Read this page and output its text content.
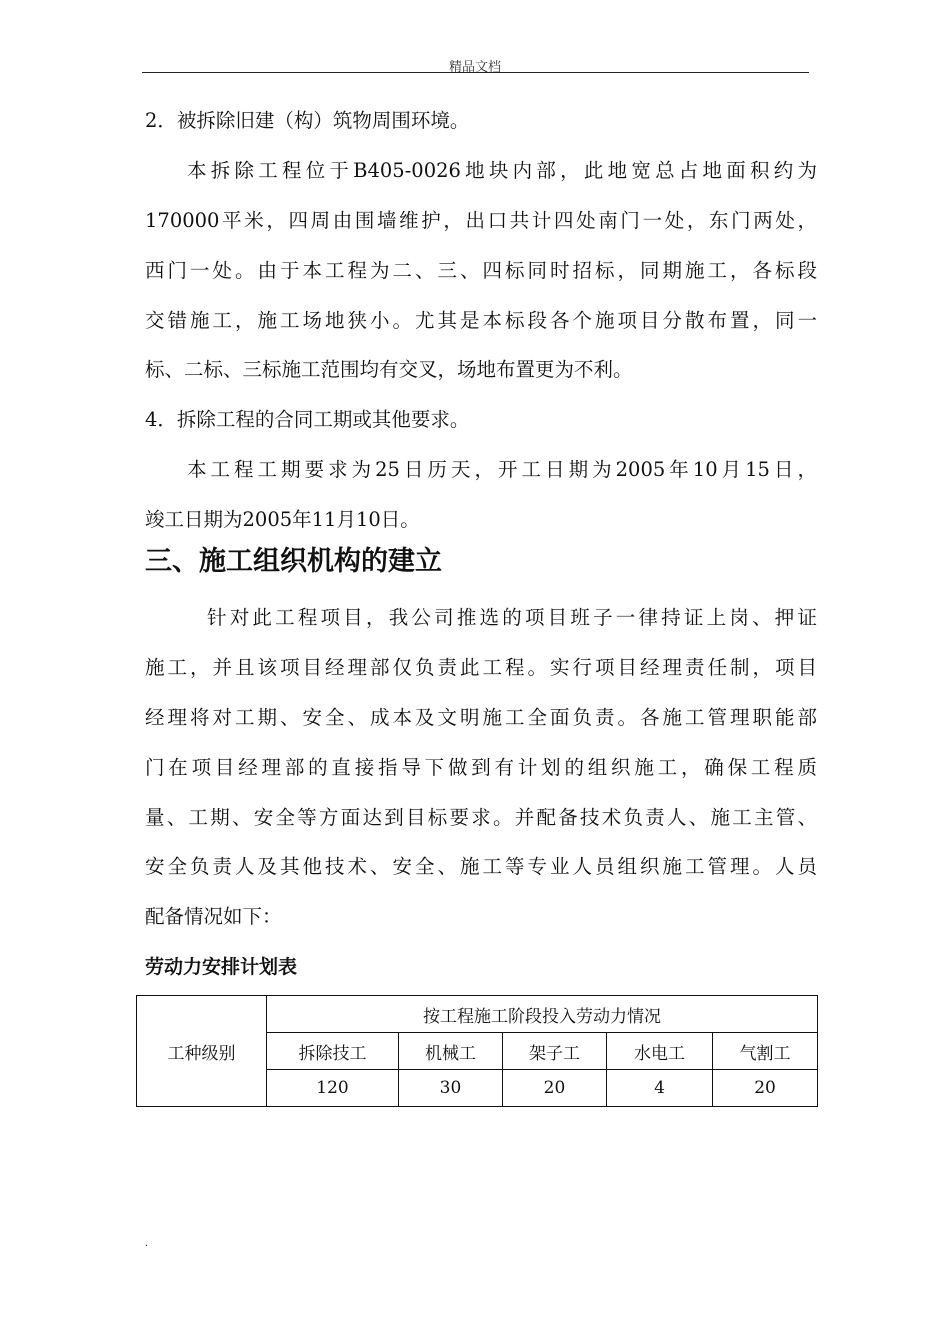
精品文档
2．被拆除旧建（构）筑物周围环境。
本拆除工程位于B405-0026地块内部，此地宽总占地面积约为
170000平米，四周由围墙维护，出口共计四处南门一处，东门两处，
西门一处。由于本工程为二、三、四标同时招标，同期施工，各标段
交错施工，施工场地狭小。尤其是本标段各个施项目分散布置，同一
标、二标、三标施工范围均有交叉，场地布置更为不利。
4．拆除工程的合同工期或其他要求。
本工程工期要求为25日历天，开工日期为2005年10月15日，
竣工日期为2005年11月10日。
三、施工组织机构的建立
针对此工程项目，我公司推选的项目班子一律持证上岗、押证
施工，并且该项目经理部仅负责此工程。实行项目经理责任制，项目
经理将对工期、安全、成本及文明施工全面负责。各施工管理职能部
门在项目经理部的直接指导下做到有计划的组织施工，确保工程质
量、工期、安全等方面达到目标要求。并配备技术负责人、施工主管、
安全负责人及其他技术、安全、施工等专业人员组织施工管理。人员
配备情况如下：
劳动力安排计划表
工种级别	按工程施工阶段投入劳动力情况				
	拆除技工	机械工	架子工	水电工	气割工
	120	30	20	4	20
.
